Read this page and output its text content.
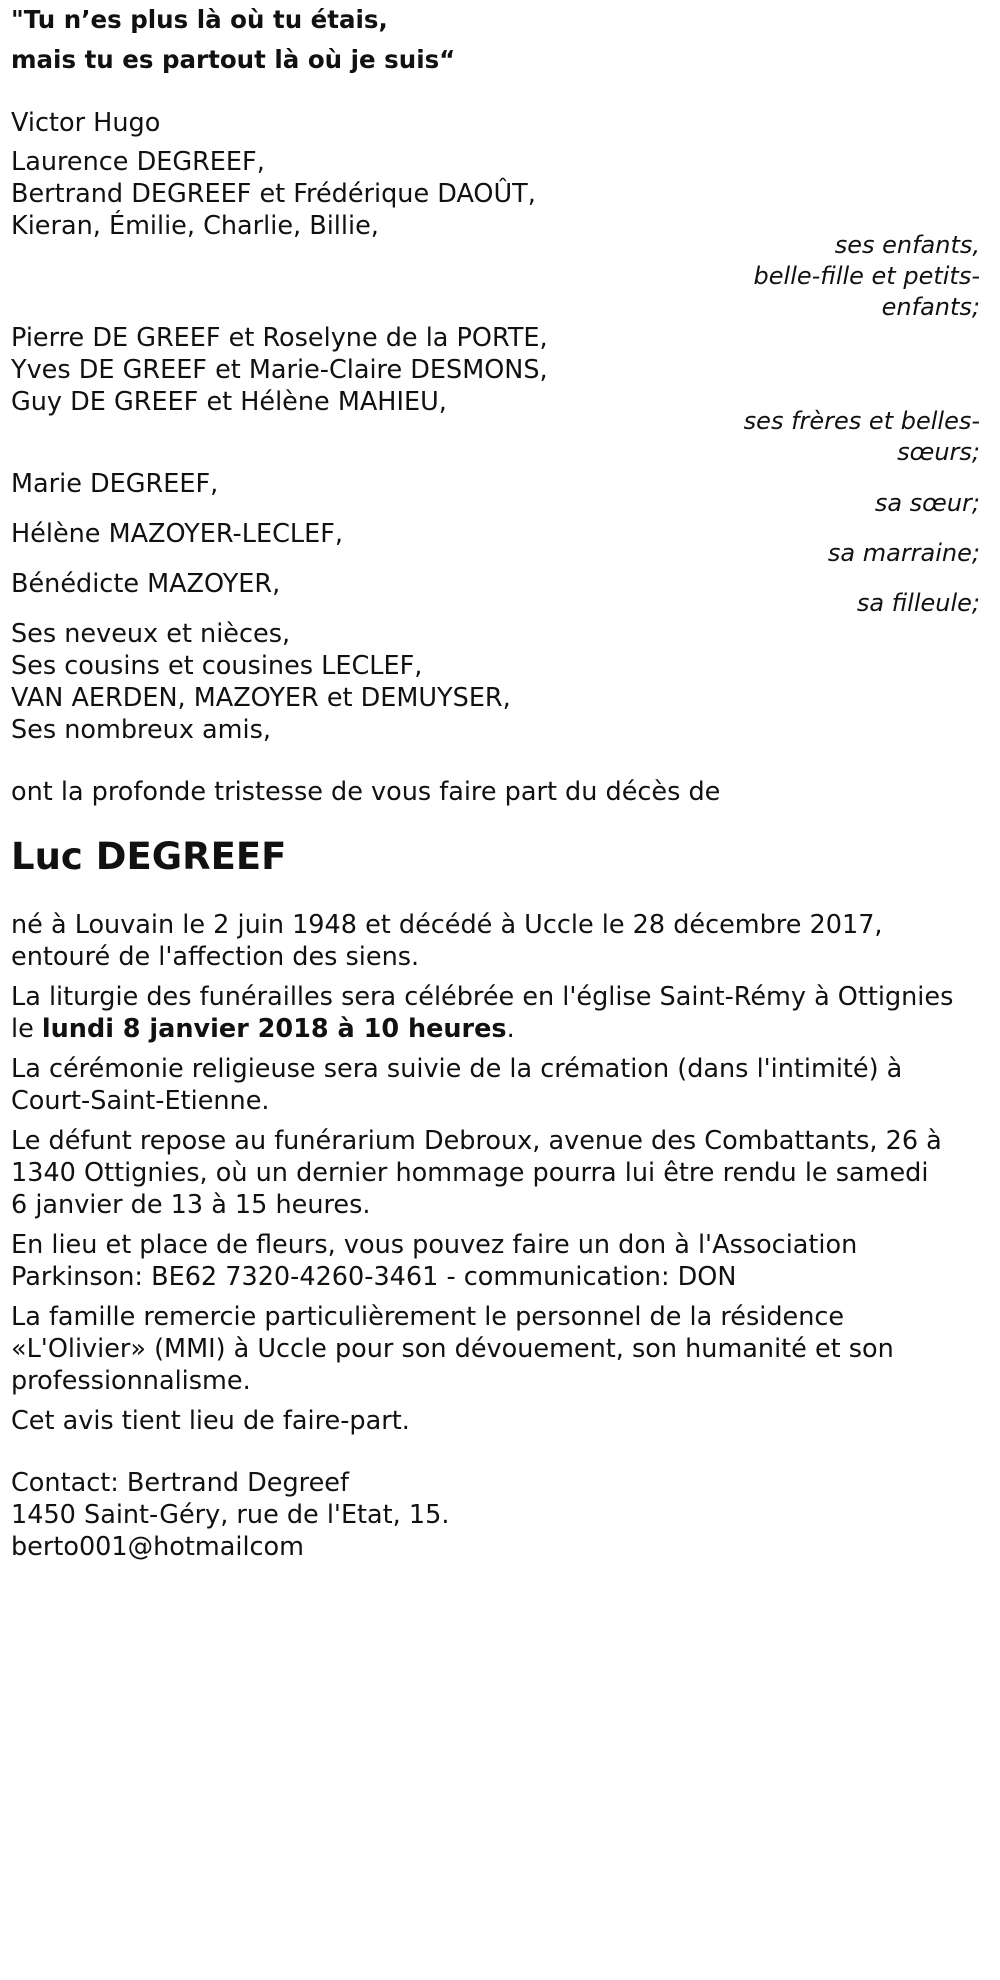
"Tu n’es plus là où tu étais,
mais tu es partout là où je suis“
Victor Hugo
Laurence DEGREEF,
Bertrand DEGREEF et Frédérique DAOÛT,
Kieran, Émilie, Charlie, Billie,
ses enfants,
belle-fille et petits-
enfants;
Pierre DE GREEF et Roselyne de la PORTE,
Yves DE GREEF et Marie-Claire DESMONS,
Guy DE GREEF et Hélène MAHIEU,
ses frères et belles-
sœurs;
Marie DEGREEF,
sa sœur;
Hélène MAZOYER-LECLEF,
sa marraine;
Bénédicte MAZOYER,
sa filleule;
Ses neveux et nièces,
Ses cousins et cousines LECLEF,
VAN AERDEN, MAZOYER et DEMUYSER,
Ses nombreux amis,
ont la profonde tristesse de vous faire part du décès de
Luc DEGREEF
né à Louvain le 2 juin 1948 et décédé à Uccle le 28 décembre 2017,
entouré de l'affection des siens.
La liturgie des funérailles sera célébrée en l'église Saint-Rémy à Ottignies
le lundi 8 janvier 2018 à 10 heures.
La cérémonie religieuse sera suivie de la crémation (dans l'intimité) à
Court-Saint-Etienne.
Le défunt repose au funérarium Debroux, avenue des Combattants, 26 à
1340 Ottignies, où un dernier hommage pourra lui être rendu le samedi
6 janvier de 13 à 15 heures.
En lieu et place de fleurs, vous pouvez faire un don à l'Association
Parkinson: BE62 7320-4260-3461 - communication: DON
La famille remercie particulièrement le personnel de la résidence
«L'Olivier» (MMI) à Uccle pour son dévouement, son humanité et son
professionnalisme.
Cet avis tient lieu de faire-part.
Contact: Bertrand Degreef
1450 Saint-Géry, rue de l'Etat, 15.
berto001@hotmailcom
